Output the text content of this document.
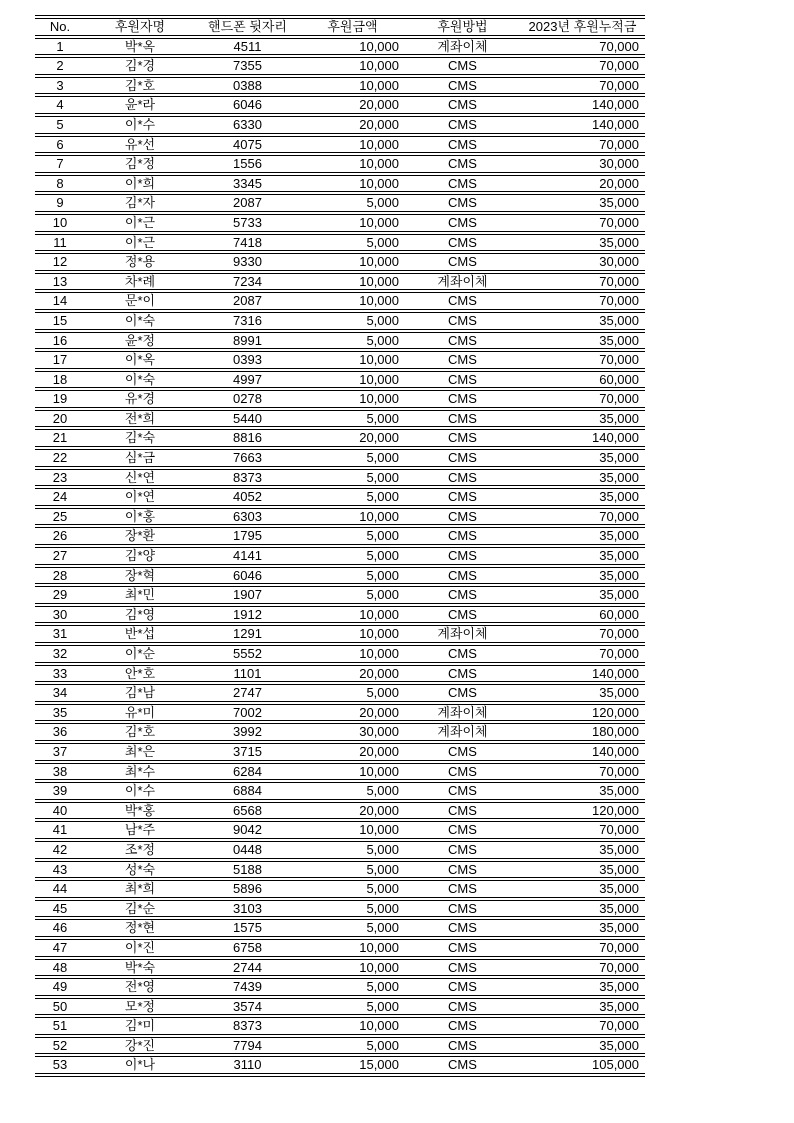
No.	후원자명	핸드폰 뒷자리	후원금액	후원방법	2023년 후원누적금
1	박*옥	4511	10,000	계좌이체	70,000
2	김*경	7355	10,000	CMS	70,000
3	김*호	0388	10,000	CMS	70,000
4	윤*라	6046	20,000	CMS	140,000
5	이*수	6330	20,000	CMS	140,000
6	유*선	4075	10,000	CMS	70,000
7	김*정	1556	10,000	CMS	30,000
8	이*희	3345	10,000	CMS	20,000
9	김*자	2087	5,000	CMS	35,000
10	이*근	5733	10,000	CMS	70,000
11	이*근	7418	5,000	CMS	35,000
12	정*용	9330	10,000	CMS	30,000
13	차*례	7234	10,000	계좌이체	70,000
14	문*이	2087	10,000	CMS	70,000
15	이*숙	7316	5,000	CMS	35,000
16	윤*정	8991	5,000	CMS	35,000
17	이*옥	0393	10,000	CMS	70,000
18	이*숙	4997	10,000	CMS	60,000
19	유*경	0278	10,000	CMS	70,000
20	전*희	5440	5,000	CMS	35,000
21	김*숙	8816	20,000	CMS	140,000
22	심*금	7663	5,000	CMS	35,000
23	신*연	8373	5,000	CMS	35,000
24	이*연	4052	5,000	CMS	35,000
25	이*홍	6303	10,000	CMS	70,000
26	장*환	1795	5,000	CMS	35,000
27	김*양	4141	5,000	CMS	35,000
28	장*혁	6046	5,000	CMS	35,000
29	최*민	1907	5,000	CMS	35,000
30	김*영	1912	10,000	CMS	60,000
31	반*섭	1291	10,000	계좌이체	70,000
32	이*순	5552	10,000	CMS	70,000
33	안*호	1101	20,000	CMS	140,000
34	김*남	2747	5,000	CMS	35,000
35	유*미	7002	20,000	계좌이체	120,000
36	김*호	3992	30,000	계좌이체	180,000
37	최*은	3715	20,000	CMS	140,000
38	최*수	6284	10,000	CMS	70,000
39	이*수	6884	5,000	CMS	35,000
40	박*홍	6568	20,000	CMS	120,000
41	남*주	9042	10,000	CMS	70,000
42	조*정	0448	5,000	CMS	35,000
43	성*숙	5188	5,000	CMS	35,000
44	최*희	5896	5,000	CMS	35,000
45	김*순	3103	5,000	CMS	35,000
46	정*현	1575	5,000	CMS	35,000
47	이*진	6758	10,000	CMS	70,000
48	박*숙	2744	10,000	CMS	70,000
49	전*영	7439	5,000	CMS	35,000
50	모*정	3574	5,000	CMS	35,000
51	김*미	8373	10,000	CMS	70,000
52	강*진	7794	5,000	CMS	35,000
53	이*나	3110	15,000	CMS	105,000
